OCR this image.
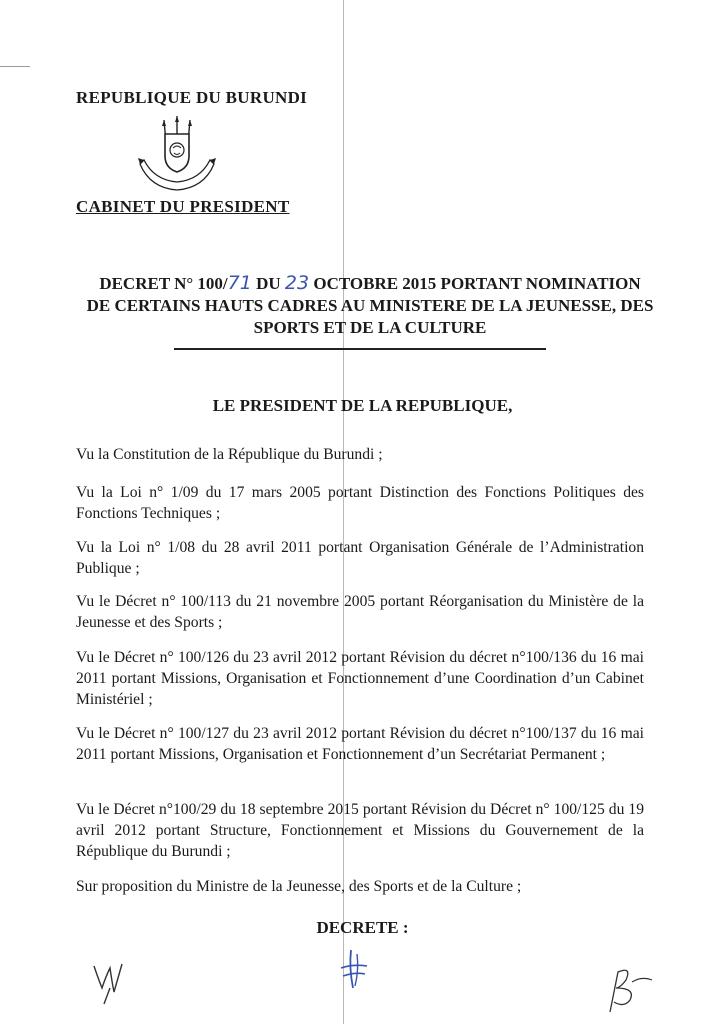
REPUBLIQUE DU BURUNDI
CABINET DU PRESIDENT
DECRET N° 100/71 DU 23 OCTOBRE 2015 PORTANT NOMINATION
DE CERTAINS HAUTS CADRES AU MINISTERE DE LA JEUNESSE, DES
SPORTS ET DE LA CULTURE
LE PRESIDENT DE LA REPUBLIQUE,

Vu la Constitution de la République du Burundi ;

Vu la Loi n° 1/09 du 17 mars 2005 portant Distinction des Fonctions Politiques des Fonctions Techniques ;

Vu la Loi n° 1/08 du 28 avril 2011 portant Organisation Générale de l’Administration Publique ;

Vu le Décret n° 100/113 du 21 novembre 2005 portant Réorganisation du Ministère de la Jeunesse et des Sports ;

Vu le Décret n° 100/126 du 23 avril 2012 portant Révision du décret n°100/136 du 16 mai 2011 portant Missions, Organisation et Fonctionnement d’une Coordination d’un Cabinet Ministériel ;

Vu le Décret n° 100/127 du 23 avril 2012 portant Révision du décret n°100/137 du 16 mai 2011 portant Missions, Organisation et Fonctionnement d’un Secrétariat Permanent ;

Vu le Décret n°100/29 du 18 septembre 2015 portant Révision du Décret n° 100/125 du 19 avril 2012 portant Structure, Fonctionnement et Missions du Gouvernement de la République du Burundi ;

Sur proposition du Ministre de la Jeunesse, des Sports et de la Culture ;

DECRETE :
